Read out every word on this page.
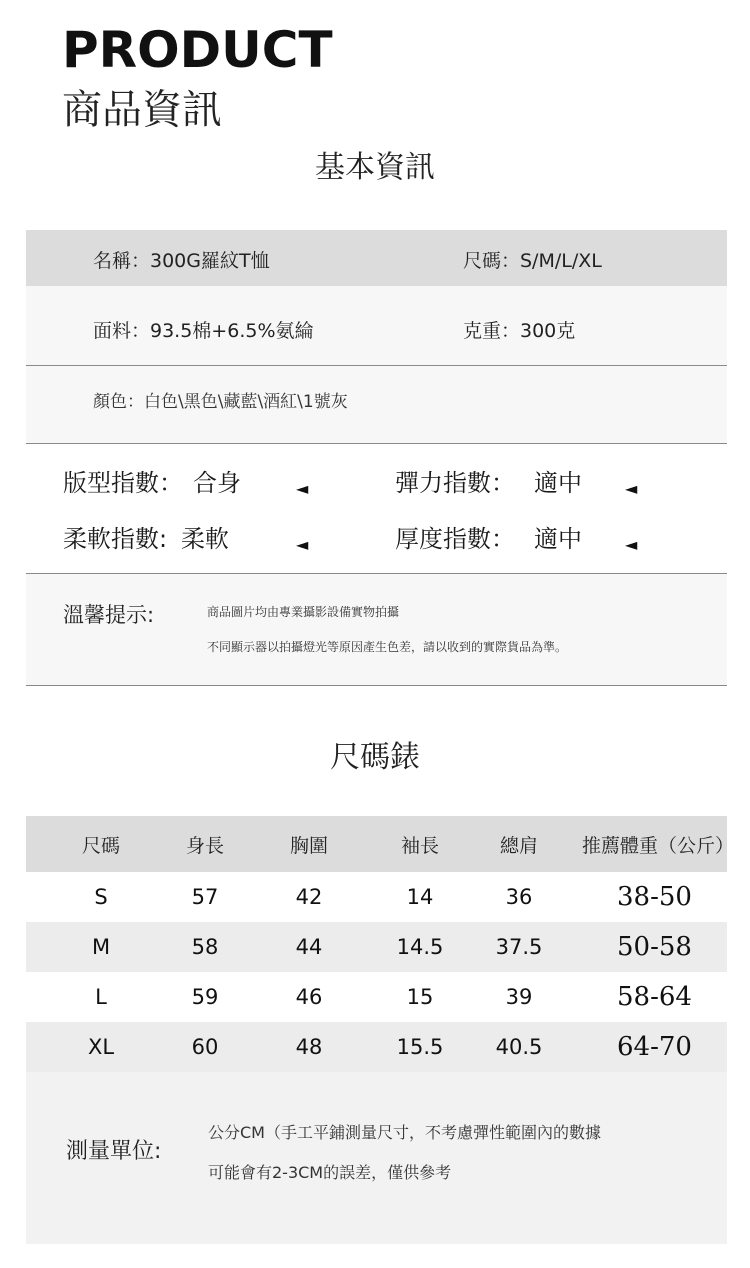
PRODUCT
商品資訊
基本資訊
名稱：300G羅紋T恤	尺碼：S/M/L/XL
面料：93.5棉+6.5%氨綸	克重：300克
顏色：白色\黑色\藏藍\酒紅\1號灰
版型指數： 合身	◄	彈力指數： 適中	◄
柔軟指數: 柔軟	◄	厚度指數： 適中	◄
溫馨提示:	商品圖片均由專業攝影設備實物拍攝
不同顯示器以拍攝燈光等原因產生色差，請以收到的實際貨品為準。
尺碼錶
尺碼	身長	胸圍	袖長	總肩	推薦體重（公斤）
S	57	42	14	36	38-50
M	58	44	14.5	37.5	50-58
L	59	46	15	39	58-64
XL	60	48	15.5	40.5	64-70
測量單位:
公分CM（手工平鋪測量尺寸，不考慮彈性範圍內的數據
可能會有2-3CM的誤差，僅供參考
